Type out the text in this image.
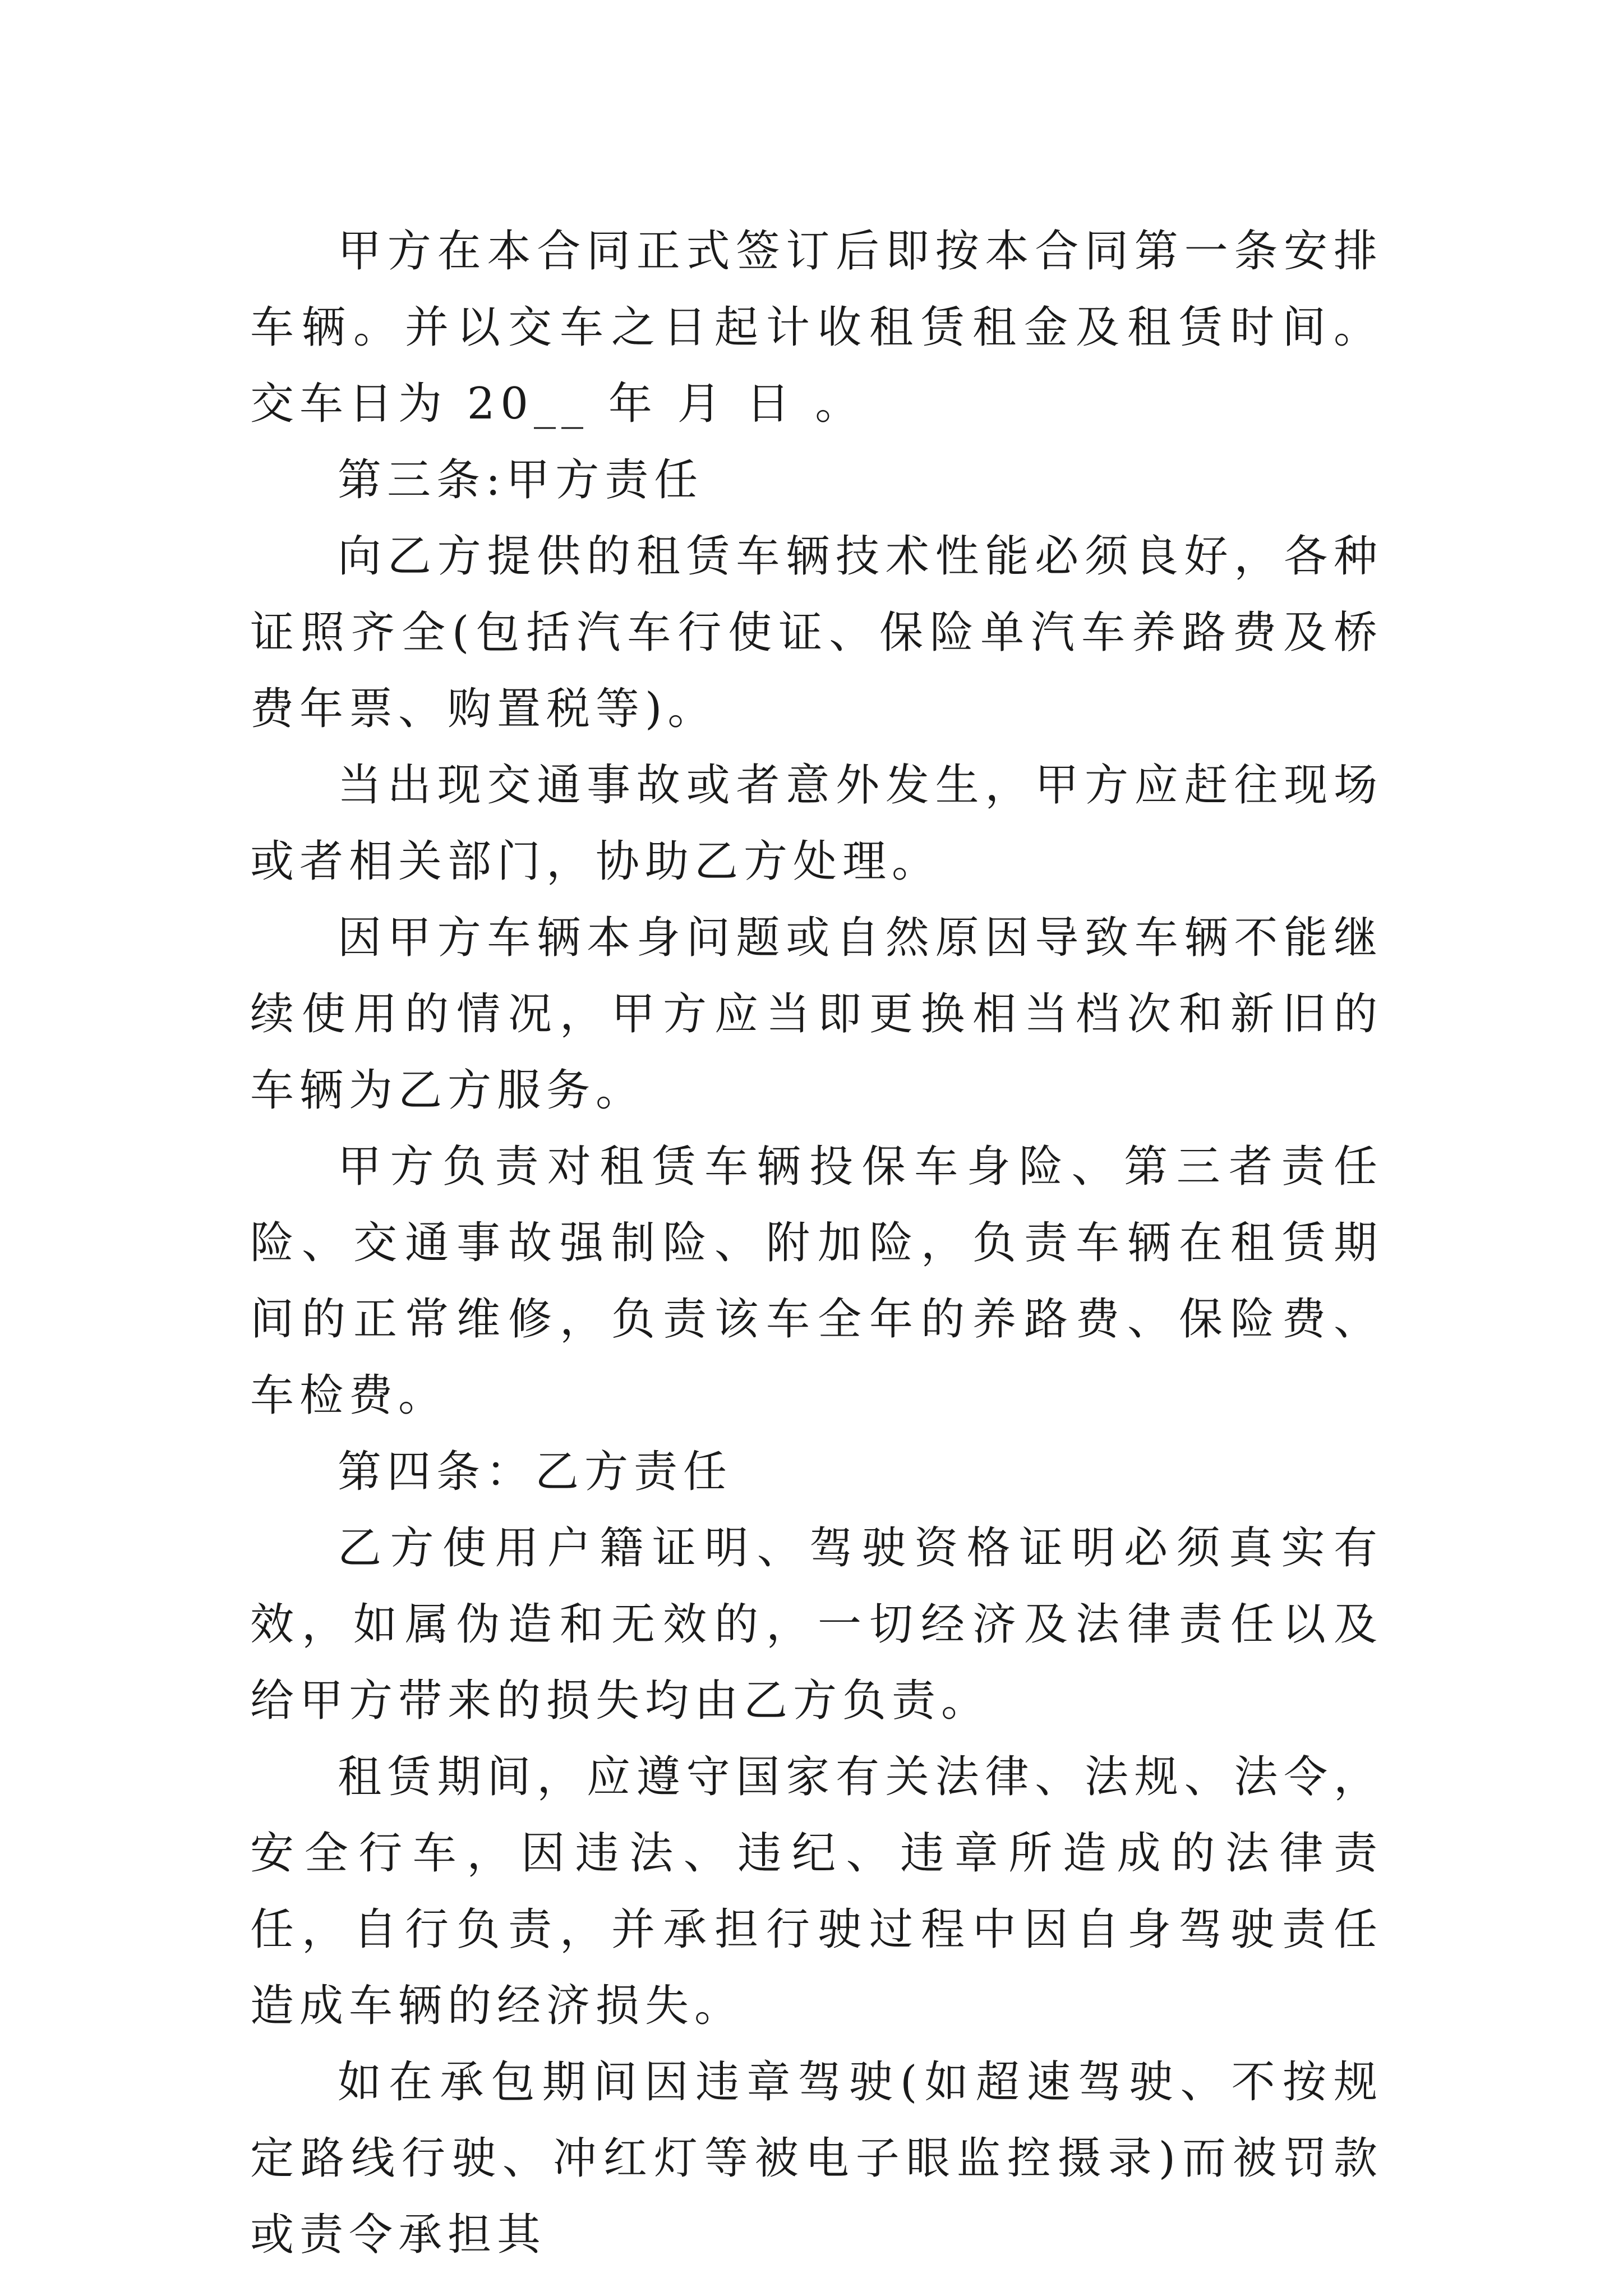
甲方在本合同正式签订后即按本合同第一条安排车辆。并以交车之日起计收租赁租金及租赁时间。交车日为 20__ 年 月 日 。

第三条:甲方责任

向乙方提供的租赁车辆技术性能必须良好，各种证照齐全(包括汽车行使证、保险单汽车养路费及桥费年票、购置税等)。

当出现交通事故或者意外发生，甲方应赶往现场或者相关部门，协助乙方处理。

因甲方车辆本身问题或自然原因导致车辆不能继续使用的情况，甲方应当即更换相当档次和新旧的车辆为乙方服务。

甲方负责对租赁车辆投保车身险、第三者责任险、交通事故强制险、附加险，负责车辆在租赁期间的正常维修，负责该车全年的养路费、保险费、车检费。

第四条：乙方责任

乙方使用户籍证明、驾驶资格证明必须真实有效，如属伪造和无效的，一切经济及法律责任以及给甲方带来的损失均由乙方负责。

租赁期间，应遵守国家有关法律、法规、法令，安全行车，因违法、违纪、违章所造成的法律责任，自行负责，并承担行驶过程中因自身驾驶责任造成车辆的经济损失。

如在承包期间因违章驾驶(如超速驾驶、不按规定路线行驶、冲红灯等被电子眼监控摄录)而被罚款或责令承担其
